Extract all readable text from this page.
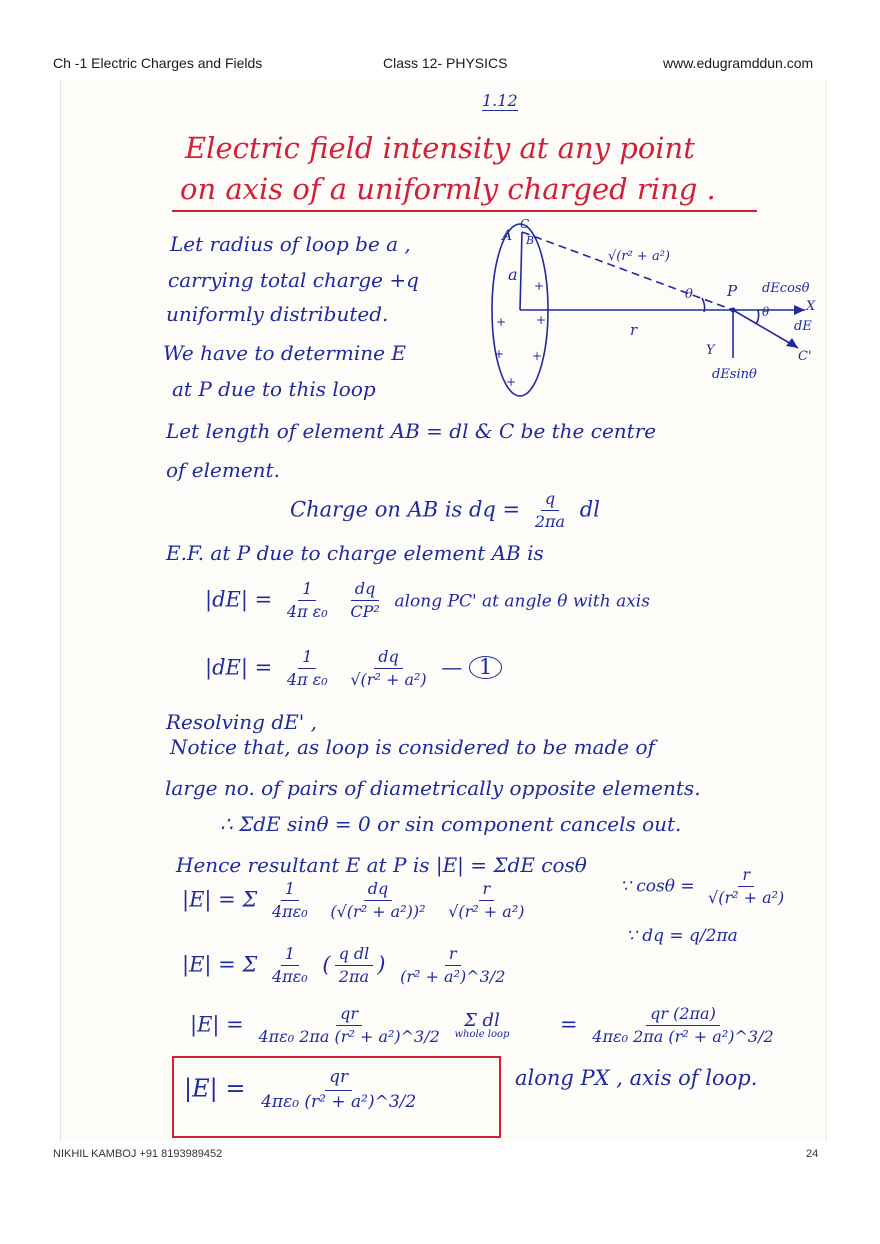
Ch -1 Electric Charges and Fields	Class 12- PHYSICS	www.edugramddun.com
1.12
Electric field intensity at any point
on axis of a uniformly charged ring .
Let radius of loop be a ,
carrying total charge +q
uniformly distributed.
We have to determine E
at P due to this loop
A
C
B
a
√(r² + a²)
θ P
θ
dEcosθ
X
dE
C'
r
Y
dEsinθ
+
+
+
+
+
+
Let length of element AB = dl & C be the centre
of element.
Charge on AB is dq = $\frac{q}{2\pi a}$ dl
E.F. at P due to charge element AB is
$|dE| = \frac{1}{\text{4π ε₀}}$
$\frac{dq}{\text{CP²}}$ along PC' at angle θ with axis
$|dE| = \frac{1}{\text{4π ε₀}}$
$\frac{dq}{\text{√(r² + a²)}}$ — 1
Resolving dE' ,
Notice that, as loop is considered to be made of
large no. of pairs of diametrically opposite elements.
∴ ΣdE sinθ = 0 or sin component cancels out.
Hence resultant E at P is |E| = ΣdE cosθ
|E| = Σ $\frac{1}{\text{4πε₀}}$
$\frac{dq}{\text{(√(r² + a²))²}}$
$\frac{r}{\text{√(r² + a²)}}$	∵ $\cos\theta = \frac{r}{\text{√(r² + a²)}}$
|E| = Σ $\frac{1}{\text{4πε₀}}$ ( $\frac{\text{q dl}}{2\pi a}$ ) $\frac{r}{\text{(r² + a²)\textasciicircum{}3/2}}$
∵ dq = q/2πa
$|E| = \frac{qr}{\text{4πε₀ 2πa (r² + a²)\textasciicircum{}3/2}}$
Σ dl
whole loop = $\frac{qr (2\pi a)}{\text{4πε₀ 2πa (r² + a²)\textasciicircum{}3/2}}$
$|E| = \frac{qr}{\text{4πε₀ (r² + a²)\textasciicircum{}3/2}}$	along PX , axis of loop.
NIKHIL KAMBOJ +91 8193989452	24
